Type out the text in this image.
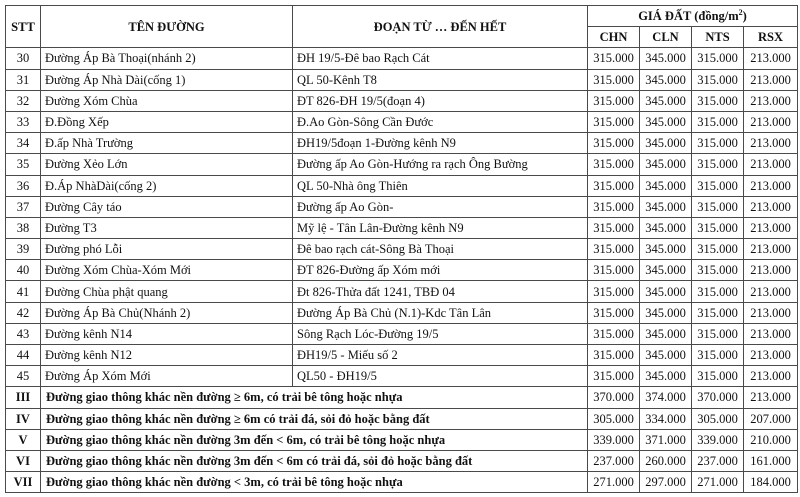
STT	TÊN ĐƯỜNG	ĐOẠN TỪ … ĐẾN HẾT	GIÁ ĐẤT $(đồng/m^2)$			
			CHN	CLN	NTS	RSX
30	Đường Áp Bà Thoại(nhánh 2)	ĐH 19/5-Đê bao Rạch Cát	315.000	345.000	315.000	213.000
31	Đường Áp Nhà Dài(cống 1)	QL 50-Kênh T8	315.000	345.000	315.000	213.000
32	Đường Xóm Chùa	ĐT 826-ĐH 19/5(đoạn 4)	315.000	345.000	315.000	213.000
33	Đ.Đồng Xếp	Đ.Ao Gòn-Sông Cần Đước	315.000	345.000	315.000	213.000
34	Đ.ấp Nhà Trường	ĐH19/5đoạn 1-Đường kênh N9	315.000	345.000	315.000	213.000
35	Đường Xẻo Lớn	Đường ấp Ao Gòn-Hướng ra rạch Ông Bường	315.000	345.000	315.000	213.000
36	Đ.Áp NhàDài(cống 2)	QL 50-Nhà ông Thiên	315.000	345.000	315.000	213.000
37	Đường Cây táo	Đường ấp Ao Gòn-	315.000	345.000	315.000	213.000
38	Đường T3	Mỹ lệ - Tân Lân-Đường kênh N9	315.000	345.000	315.000	213.000
39	Đường phó Lỗi	Đê bao rạch cát-Sông Bà Thoại	315.000	345.000	315.000	213.000
40	Đường Xóm Chùa-Xóm Mới	ĐT 826-Đường ấp Xóm mới	315.000	345.000	315.000	213.000
41	Đường Chùa phật quang	Đt 826-Thửa đất 1241, TBĐ 04	315.000	345.000	315.000	213.000
42	Đường Áp Bà Chủ(Nhánh 2)	Đường Áp Bà Chủ (N.1)-Kdc Tân Lân	315.000	345.000	315.000	213.000
43	Đường kênh N14	Sông Rạch Lóc-Đường 19/5	315.000	345.000	315.000	213.000
44	Đường kênh N12	ĐH19/5 - Miếu số 2	315.000	345.000	315.000	213.000
45	Đường Áp Xóm Mới	QL50 - ĐH19/5	315.000	345.000	315.000	213.000
III	Đường giao thông khác nền đường ≥ 6m, có trải bê tông hoặc nhựa		370.000	374.000	370.000	213.000
IV	Đường giao thông khác nền đường ≥ 6m có trải đá, sỏi đỏ hoặc bằng đất		305.000	334.000	305.000	207.000
V	Đường giao thông khác nền đường 3m đến < 6m, có trải bê tông hoặc nhựa		339.000	371.000	339.000	210.000
VI	Đường giao thông khác nền đường 3m đến < 6m có trải đá, sỏi đỏ hoặc bằng đất		237.000	260.000	237.000	161.000
VII	Đường giao thông khác nền đường < 3m, có trải bê tông hoặc nhựa		271.000	297.000	271.000	184.000
